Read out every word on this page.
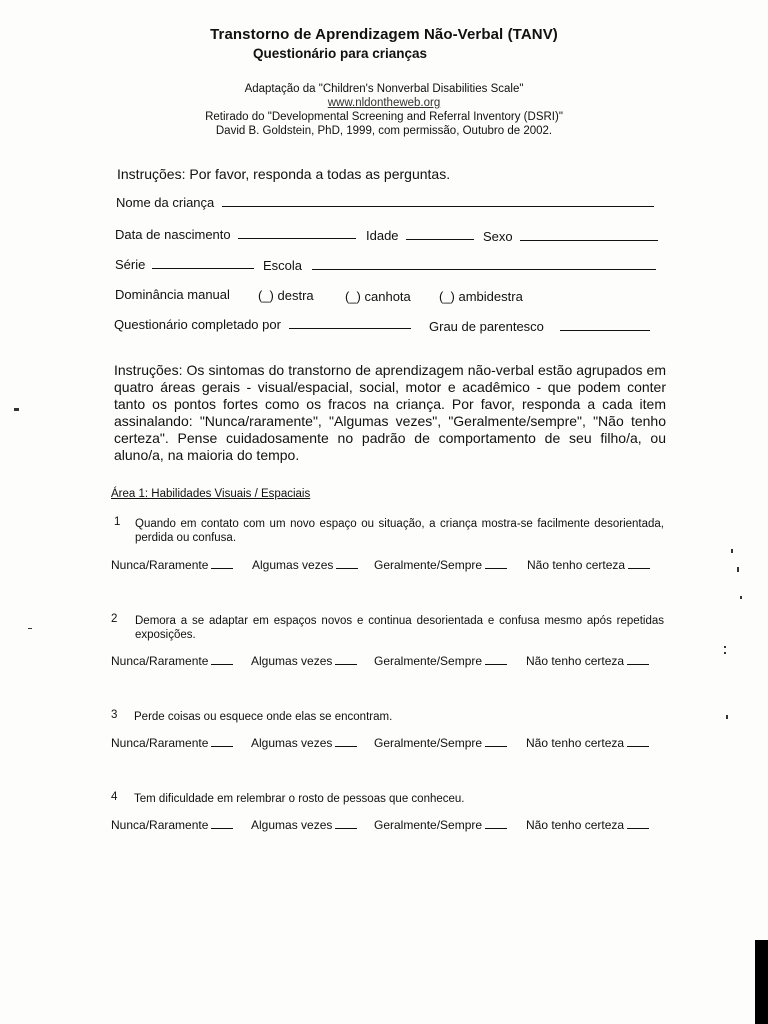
Transtorno de Aprendizagem Não-Verbal (TANV)
Questionário para crianças
Adaptação da "Children's Nonverbal Disabilities Scale"
www.nldontheweb.org
Retirado do "Developmental Screening and Referral Inventory (DSRI)"
David B. Goldstein, PhD, 1999, com permissão, Outubro de 2002.
Instruções: Por favor, responda a todas as perguntas.
Nome da criança
Data de nascimento	Idade	Sexo
Série	Escola
Dominância manual (_) destra (_) canhota (_) ambidestra
Questionário completado por	Grau de parentesco
Instruções: Os sintomas do transtorno de aprendizagem não-verbal estão agrupados em quatro áreas gerais - visual/espacial, social, motor e acadêmico - que podem conter tanto os pontos fortes como os fracos na criança. Por favor, responda a cada item assinalando: "Nunca/raramente", "Algumas vezes", "Geralmente/sempre", "Não tenho certeza". Pense cuidadosamente no padrão de comportamento de seu filho/a, ou aluno/a, na maioria do tempo.
Área 1: Habilidades Visuais / Espaciais
1 Quando em contato com um novo espaço ou situação, a criança mostra-se facilmente desorientada, perdida ou confusa.
Nunca/Raramente	Algumas vezes	Geralmente/Sempre	Não tenho certeza
2 Demora a se adaptar em espaços novos e continua desorientada e confusa mesmo após repetidas exposições.
Nunca/Raramente	Algumas vezes	Geralmente/Sempre	Não tenho certeza
3 Perde coisas ou esquece onde elas se encontram.
Nunca/Raramente	Algumas vezes	Geralmente/Sempre	Não tenho certeza
4 Tem dificuldade em relembrar o rosto de pessoas que conheceu.
Nunca/Raramente	Algumas vezes	Geralmente/Sempre	Não tenho certeza
